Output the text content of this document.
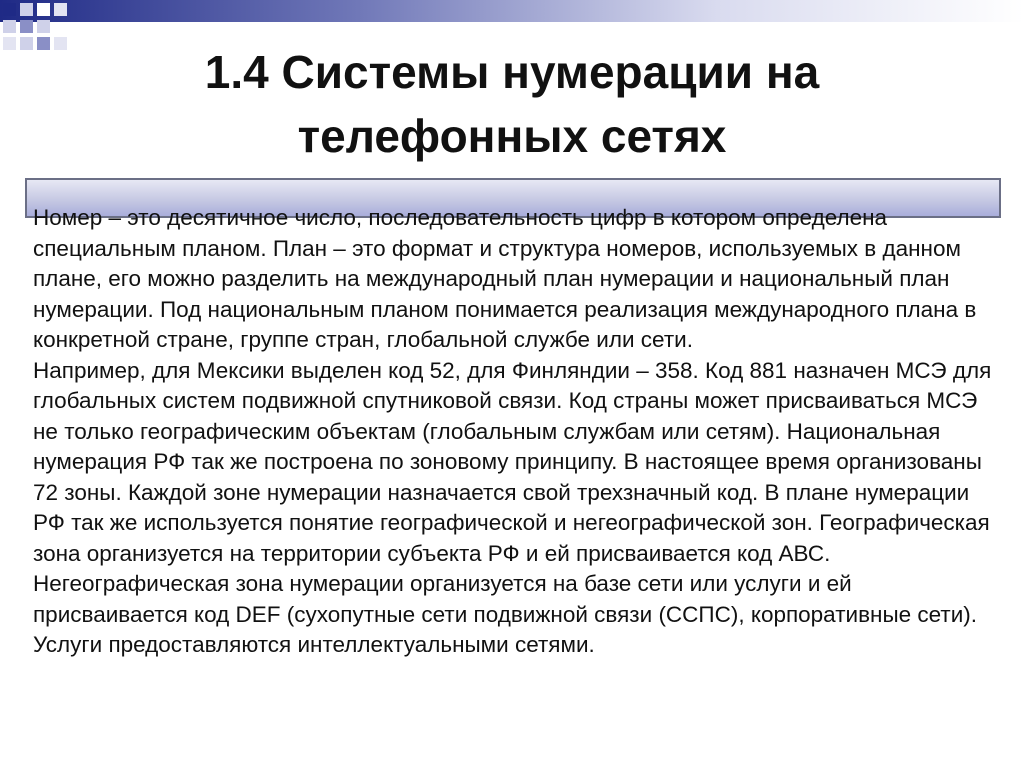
1.4 Системы нумерации на
телефонных сетях

Номер – это десятичное число, последовательность цифр в котором определена специальным планом. План – это формат и структура номеров, используемых в данном плане, его можно разделить на международный план нумерации и национальный план нумерации. Под национальным планом понимается реализация международного плана в конкретной стране, группе стран, глобальной службе или сети.

Например, для Мексики выделен код 52, для Финляндии – 358. Код 881 назначен МСЭ для глобальных систем подвижной спутниковой связи. Код страны может присваиваться МСЭ не только географическим объектам (глобальным службам или сетям). Национальная нумерация РФ так же построена по зоновому принципу. В настоящее время организованы 72 зоны. Каждой зоне нумерации назначается свой трехзначный код. В плане нумерации РФ так же используется понятие географической и негеографической зон. Географическая зона организуется на территории субъекта РФ и ей присваивается код АВС. Негеографическая зона нумерации организуется на базе сети или услуги и ей присваивается код DEF (сухопутные сети подвижной связи (ССПС), корпоративные сети). Услуги предоставляются интеллектуальными сетями.
